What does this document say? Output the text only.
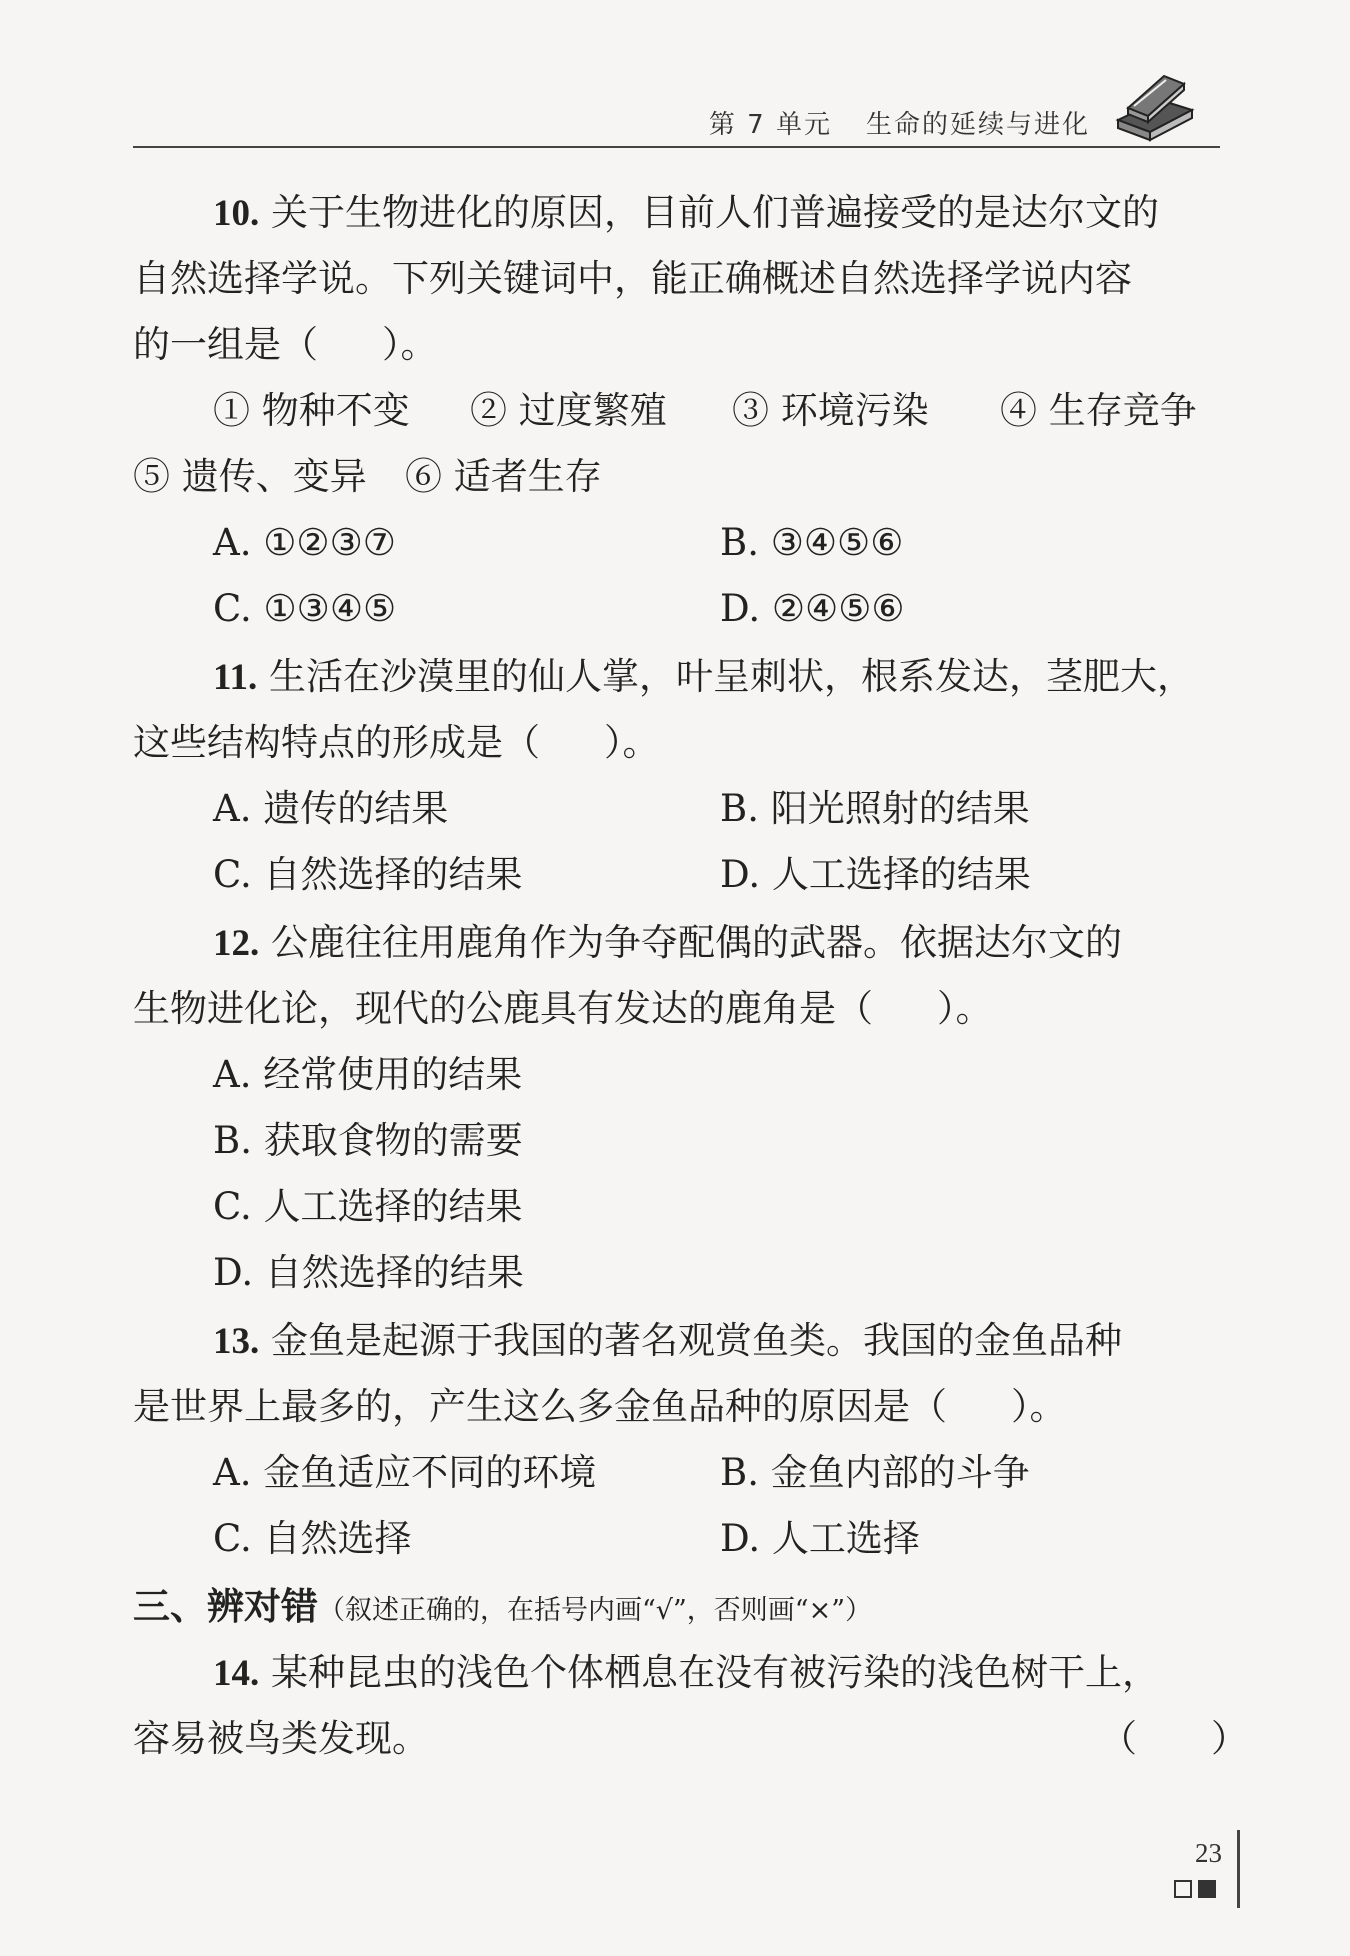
第 7 单元 生命的延续与进化
10. 关于生物进化的原因，目前人们普遍接受的是达尔文的
自然选择学说。下列关键词中，能正确概述自然选择学说内容
的一组是（ ）。
① 物种不变 ② 过度繁殖 ③ 环境污染 ④ 生存竞争
⑤ 遗传、变异 ⑥ 适者生存
A. ①②③⑦	B. ③④⑤⑥
C. ①③④⑤	D. ②④⑤⑥
11. 生活在沙漠里的仙人掌，叶呈刺状，根系发达，茎肥大，
这些结构特点的形成是（ ）。
A. 遗传的结果	B. 阳光照射的结果
C. 自然选择的结果	D. 人工选择的结果
12. 公鹿往往用鹿角作为争夺配偶的武器。依据达尔文的
生物进化论，现代的公鹿具有发达的鹿角是（ ）。
A. 经常使用的结果
B. 获取食物的需要
C. 人工选择的结果
D. 自然选择的结果
13. 金鱼是起源于我国的著名观赏鱼类。我国的金鱼品种
是世界上最多的，产生这么多金鱼品种的原因是（ ）。
A. 金鱼适应不同的环境	B. 金鱼内部的斗争
C. 自然选择	D. 人工选择
三、辨对错（叙述正确的，在括号内画“√”，否则画“×”）
14. 某种昆虫的浅色个体栖息在没有被污染的浅色树干上，
容易被鸟类发现。	（　　）
23
